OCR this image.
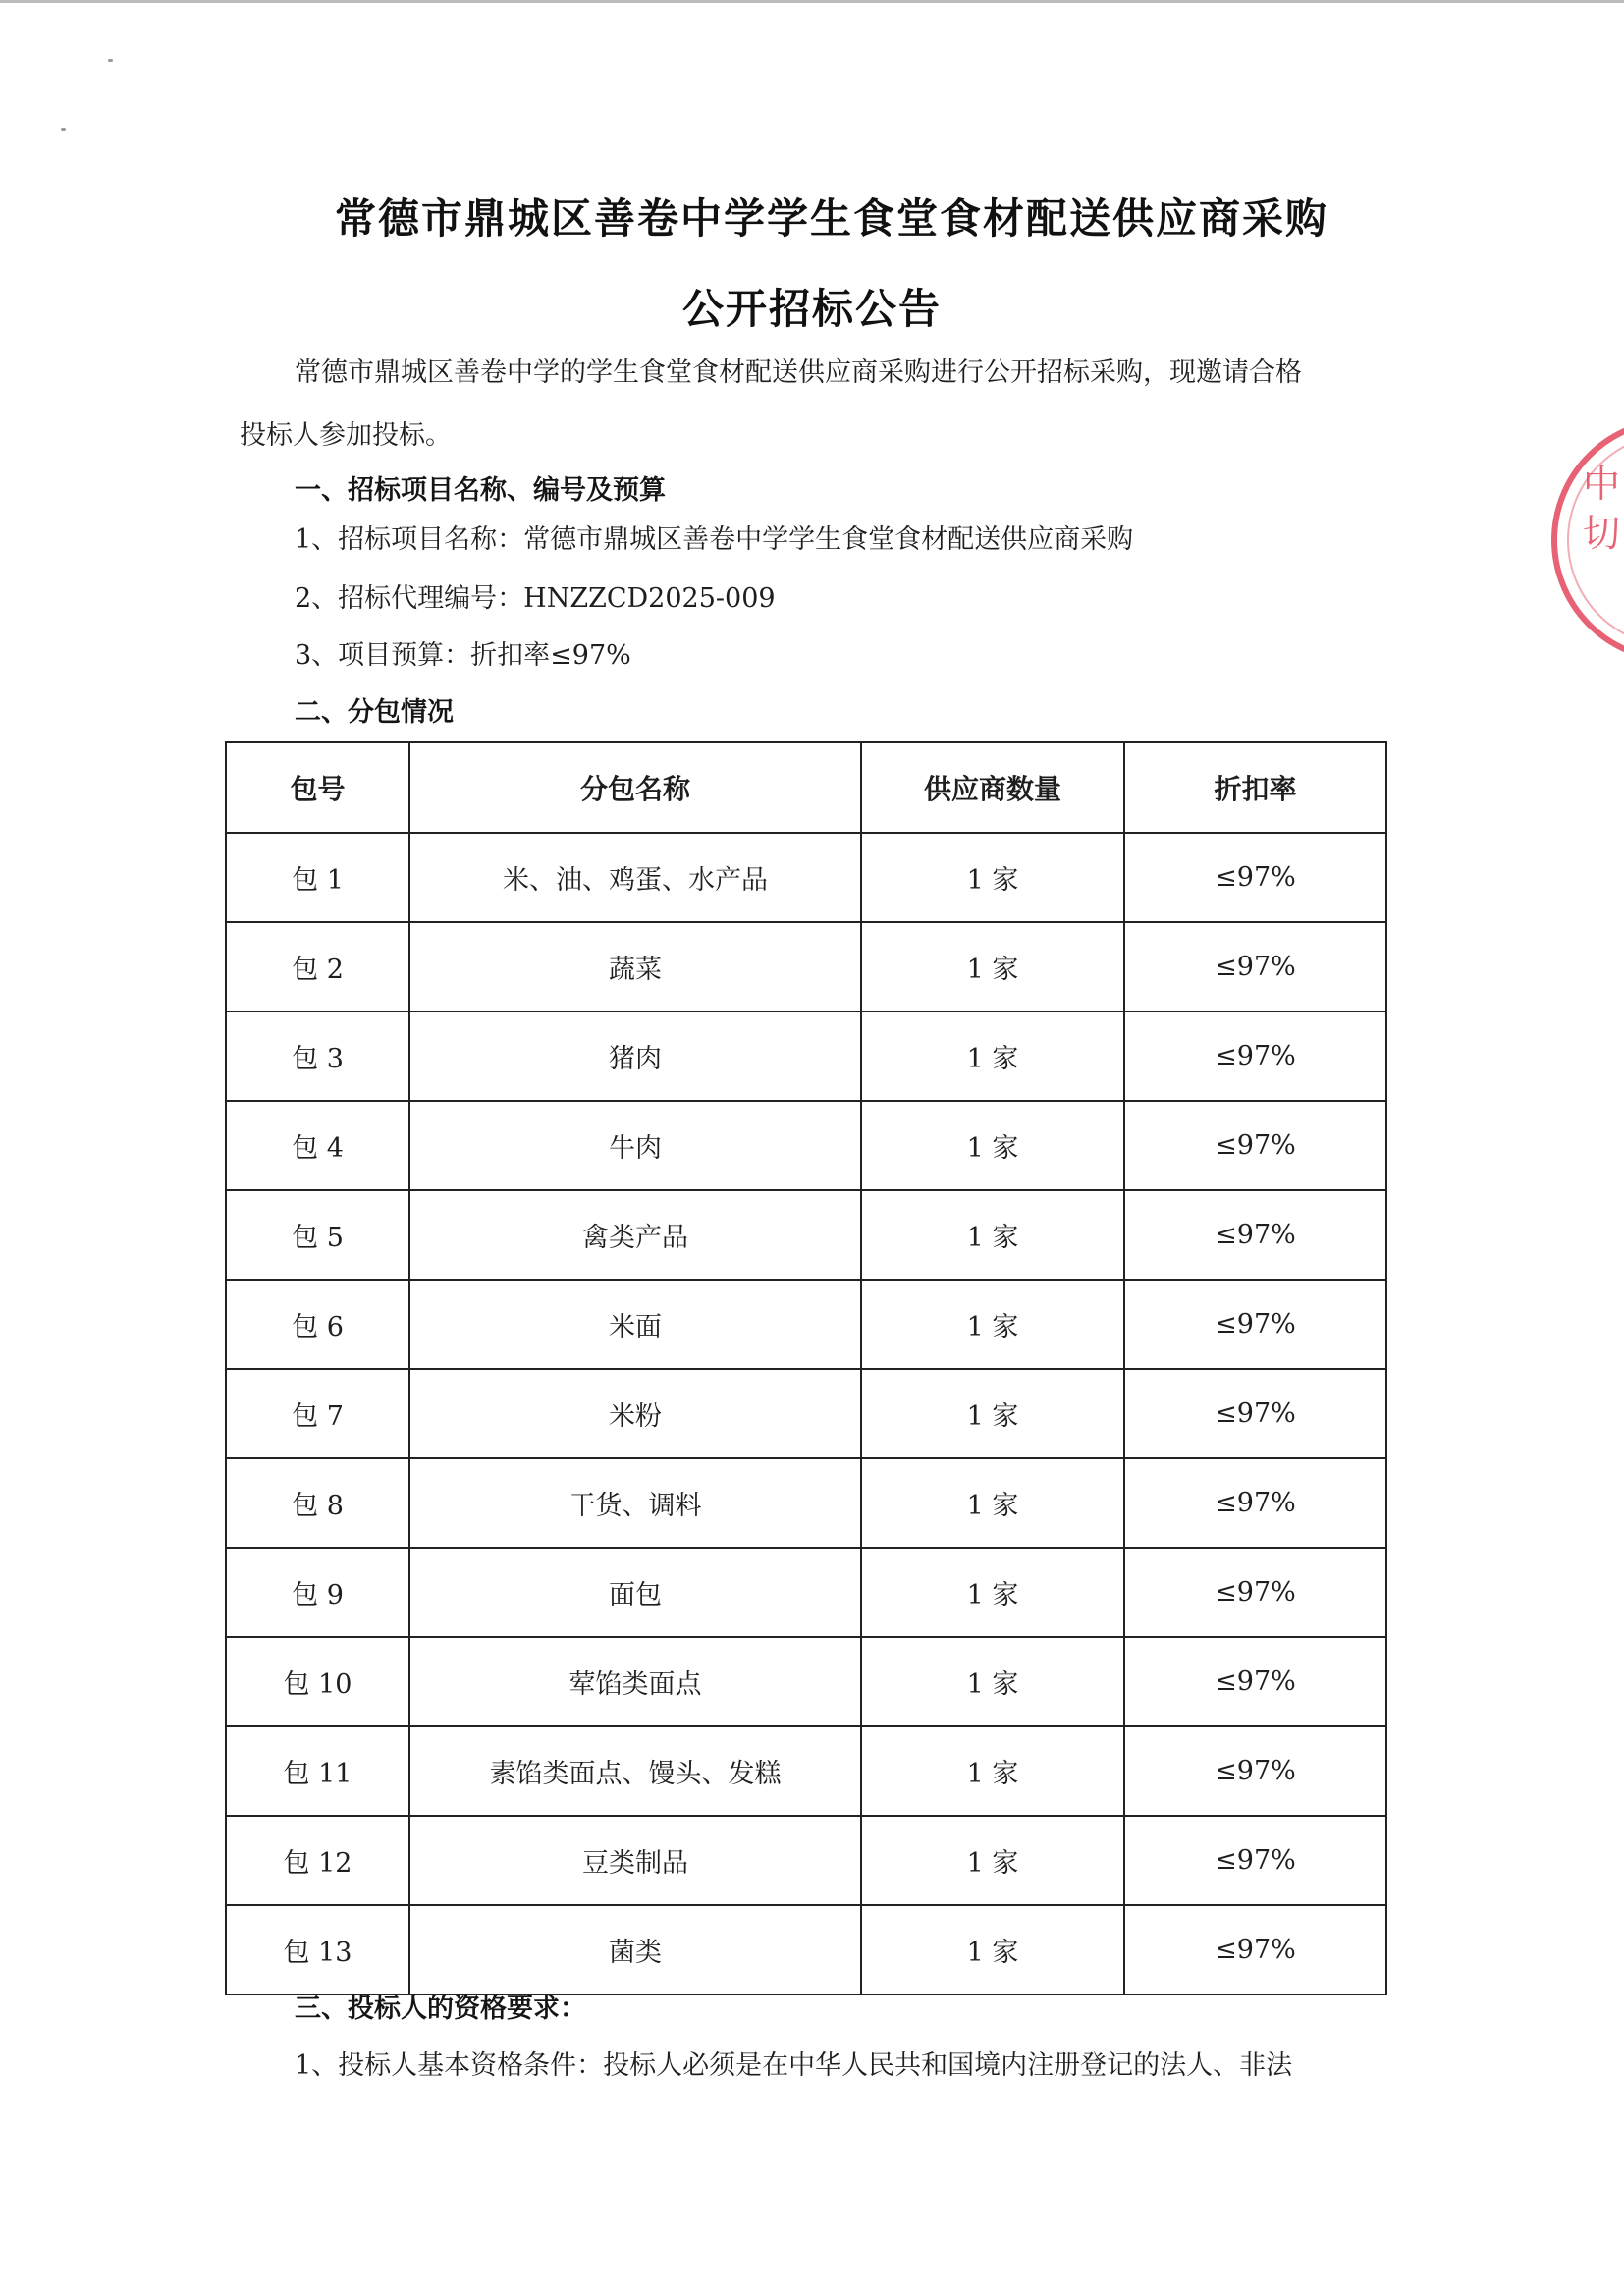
常德市鼎城区善卷中学学生食堂食材配送供应商采购
公开招标公告
常德市鼎城区善卷中学的学生食堂食材配送供应商采购进行公开招标采购，现邀请合格
投标人参加投标。
一、招标项目名称、编号及预算
1、招标项目名称：常德市鼎城区善卷中学学生食堂食材配送供应商采购
2、招标代理编号：HNZZCD2025-009
3、项目预算：折扣率≤97%
二、分包情况
包号	分包名称	供应商数量	折扣率
包 1	米、油、鸡蛋、水产品	1 家	≤97%
包 2	蔬菜	1 家	≤97%
包 3	猪肉	1 家	≤97%
包 4	牛肉	1 家	≤97%
包 5	禽类产品	1 家	≤97%
包 6	米面	1 家	≤97%
包 7	米粉	1 家	≤97%
包 8	干货、调料	1 家	≤97%
包 9	面包	1 家	≤97%
包 10	荤馅类面点	1 家	≤97%
包 11	素馅类面点、馒头、发糕	1 家	≤97%
包 12	豆类制品	1 家	≤97%
包 13	菌类	1 家	≤97%
三、投标人的资格要求：
1、投标人基本资格条件：投标人必须是在中华人民共和国境内注册登记的法人、非法
中切
